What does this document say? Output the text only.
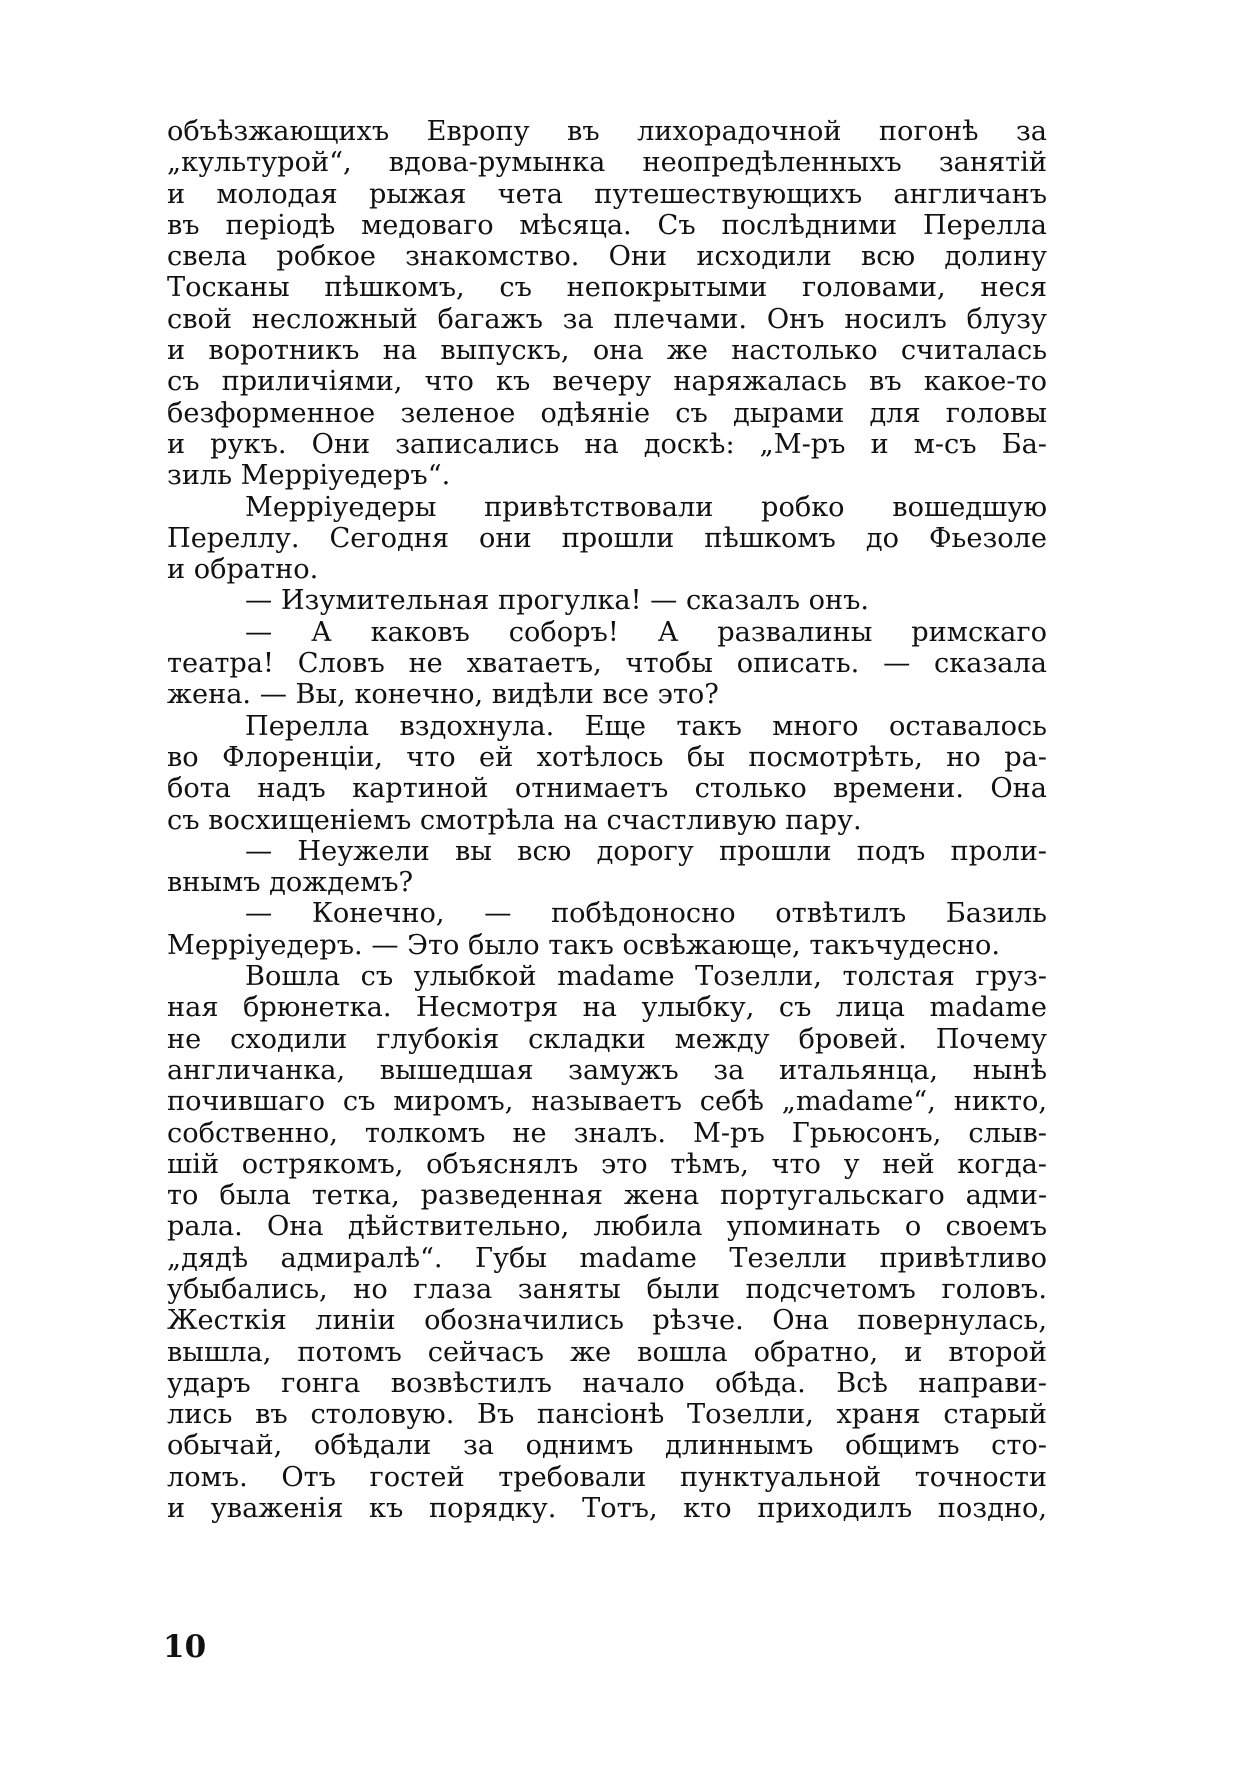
объѣзжающихъ Европу въ лихорадочной погонѣ за
„культурой“, вдова-румынка неопредѣленныхъ занятій
и молодая рыжая чета путешествующихъ англичанъ
въ періодѣ медоваго мѣсяца. Съ послѣдними Перелла
свела робкое знакомство. Они исходили всю долину
Тосканы пѣшкомъ, съ непокрытыми головами, неся
свой несложный багажъ за плечами. Онъ носилъ блузу
и воротникъ на выпускъ, она же настолько считалась
съ приличіями, что къ вечеру наряжалась въ какое-то
безформенное зеленое одѣяніе съ дырами для головы
и рукъ. Они записались на доскѣ: „М-ръ и м-съ Ба-
зиль Мерріуедеръ“.
Мерріуедеры привѣтствовали робко вошедшую
Переллу. Сегодня они прошли пѣшкомъ до Фьезоле
и обратно.
— Изумительная прогулка! — сказалъ онъ.
— А каковъ соборъ! А развалины римскаго
театра! Словъ не хватаетъ, чтобы описать. — сказала
жена. — Вы, конечно, видѣли все это?
Перелла вздохнула. Еще такъ много оставалось
во Флоренціи, что ей хотѣлось бы посмотрѣть, но ра-
бота надъ картиной отнимаетъ столько времени. Она
съ восхищеніемъ смотрѣла на счастливую пару.
— Неужели вы всю дорогу прошли подъ проли-
внымъ дождемъ?
— Конечно, — побѣдоносно отвѣтилъ Базиль
Мерріуедеръ. — Это было такъ освѣжающе, такъчудесно.
Вошла съ улыбкой madame Тозелли, толстая груз-
ная брюнетка. Несмотря на улыбку, съ лица madame
не сходили глубокія складки между бровей. Почему
англичанка, вышедшая замужъ за итальянца, нынѣ
почившаго съ миромъ, называетъ себѣ „madame“, никто,
собственно, толкомъ не зналъ. М-ръ Грьюсонъ, слыв-
шій острякомъ, объяснялъ это тѣмъ, что у ней когда-
то была тетка, разведенная жена португальскаго адми-
рала. Она дѣйствительно, любила упоминать о своемъ
„дядѣ адмиралѣ“. Губы madame Тезелли привѣтливо
убыбались, но глаза заняты были подсчетомъ головъ.
Жесткія линіи обозначились рѣзче. Она повернулась,
вышла, потомъ сейчасъ же вошла обратно, и второй
ударъ гонга возвѣстилъ начало обѣда. Всѣ направи-
лись въ столовую. Въ пансіонѣ Тозелли, храня старый
обычай, обѣдали за однимъ длиннымъ общимъ сто-
ломъ. Отъ гостей требовали пунктуальной точности
и уваженія къ порядку. Тотъ, кто приходилъ поздно,
10
